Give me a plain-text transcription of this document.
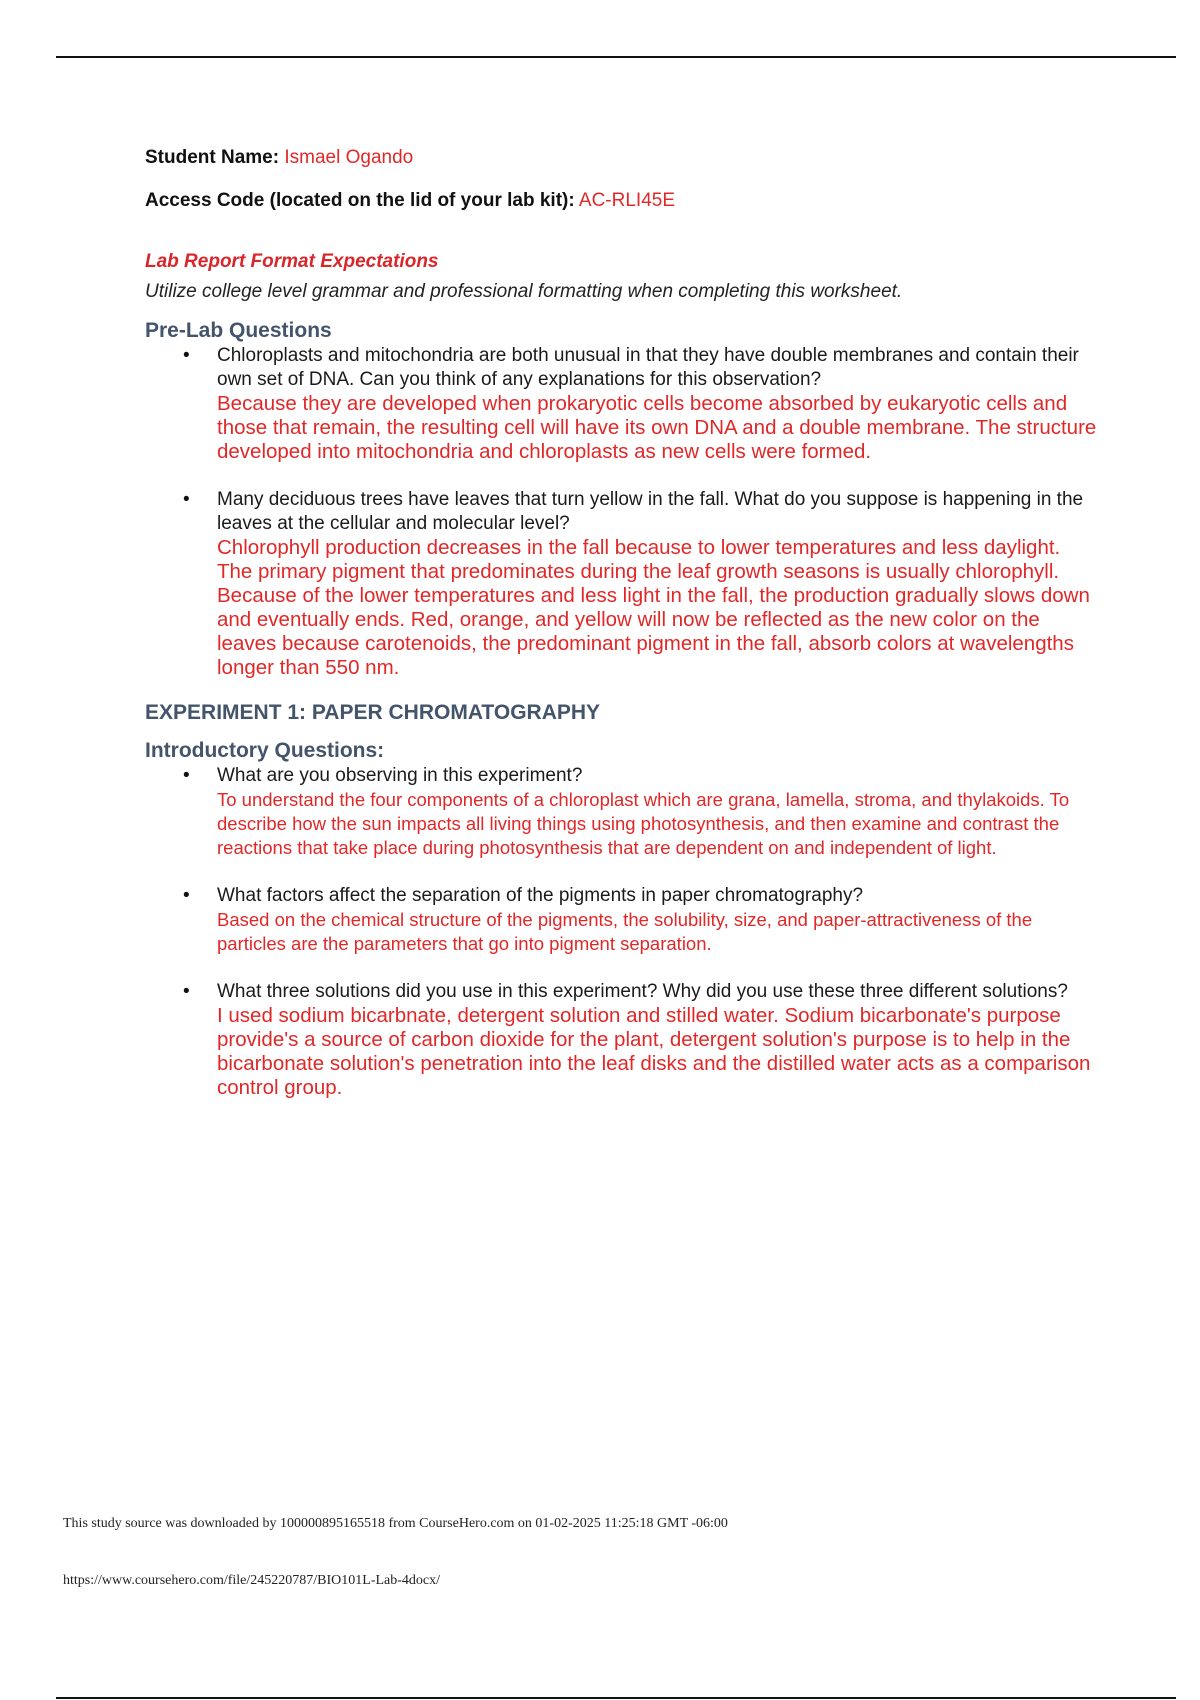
Student Name: Ismael Ogando
Access Code (located on the lid of your lab kit): AC-RLI45E
Lab Report Format Expectations
Utilize college level grammar and professional formatting when completing this worksheet.
Pre-Lab Questions
• Chloroplasts and mitochondria are both unusual in that they have double membranes and contain their own set of DNA. Can you think of any explanations for this observation?
Because they are developed when prokaryotic cells become absorbed by eukaryotic cells and those that remain, the resulting cell will have its own DNA and a double membrane. The structure developed into mitochondria and chloroplasts as new cells were formed.
• Many deciduous trees have leaves that turn yellow in the fall. What do you suppose is happening in the leaves at the cellular and molecular level?
Chlorophyll production decreases in the fall because to lower temperatures and less daylight. The primary pigment that predominates during the leaf growth seasons is usually chlorophyll. Because of the lower temperatures and less light in the fall, the production gradually slows down and eventually ends. Red, orange, and yellow will now be reflected as the new color on the leaves because carotenoids, the predominant pigment in the fall, absorb colors at wavelengths longer than 550 nm.
EXPERIMENT 1: PAPER CHROMATOGRAPHY
Introductory Questions:
• What are you observing in this experiment?
To understand the four components of a chloroplast which are grana, lamella, stroma, and thylakoids. To describe how the sun impacts all living things using photosynthesis, and then examine and contrast the reactions that take place during photosynthesis that are dependent on and independent of light.
• What factors affect the separation of the pigments in paper chromatography?
Based on the chemical structure of the pigments, the solubility, size, and paper-attractiveness of the particles are the parameters that go into pigment separation.
• What three solutions did you use in this experiment? Why did you use these three different solutions?
I used sodium bicarbnate, detergent solution and stilled water. Sodium bicarbonate's purpose provide's a source of carbon dioxide for the plant, detergent solution's purpose is to help in the bicarbonate solution's penetration into the leaf disks and the distilled water acts as a comparison control group.
This study source was downloaded by 100000895165518 from CourseHero.com on 01-02-2025 11:25:18 GMT -06:00
https://www.coursehero.com/file/245220787/BIO101L-Lab-4docx/
